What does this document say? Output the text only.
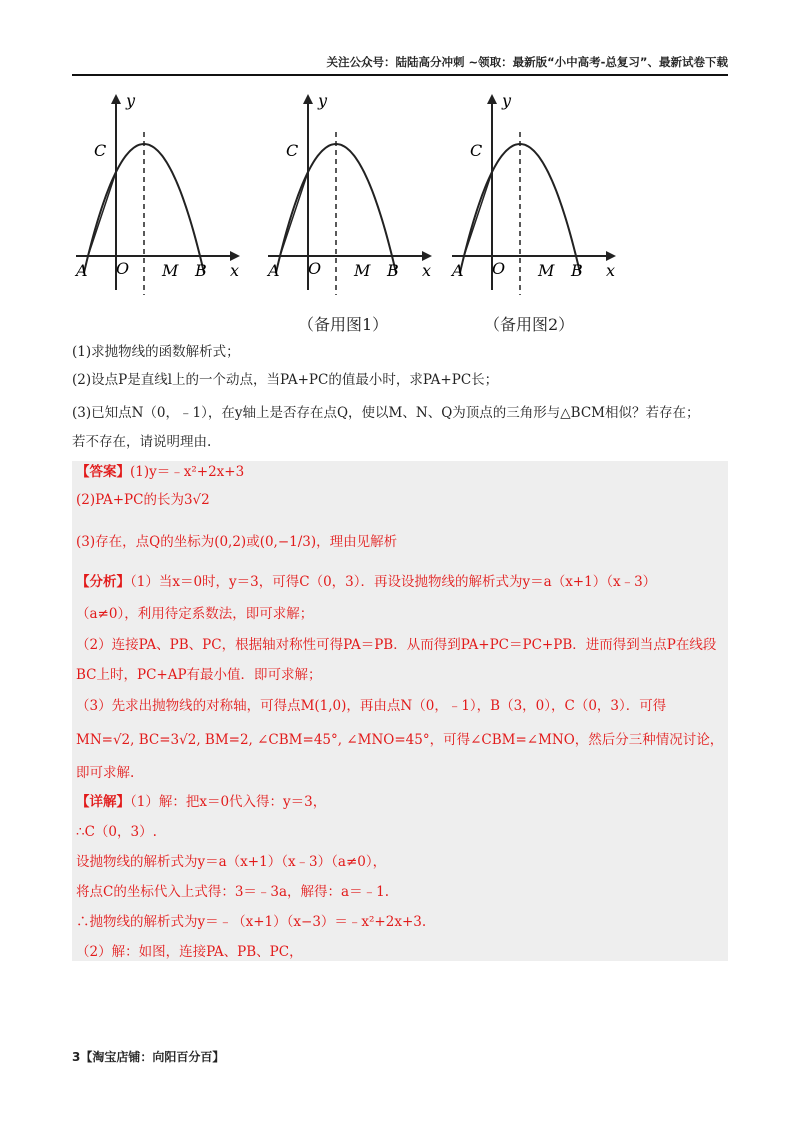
关注公众号：陆陆高分冲刺 ~领取：最新版“小中高考-总复习”、最新试卷下载
y
x
A O M B
C
y
x
A O M B
C
y
x
A O M B
C
（备用图1）	（备用图2）
(1)求抛物线的函数解析式；
(2)设点P是直线l上的一个动点，当PA+PC的值最小时，求PA+PC长；
(3)已知点N（0，﹣1），在y轴上是否存在点Q，使以M、N、Q为顶点的三角形与△BCM相似？若存在；
若不存在，请说明理由.
【答案】(1)y＝﹣x²+2x+3
(2)PA+PC的长为3√2
(3)存在，点Q的坐标为(0,2)或(0,−1/3)，理由见解析
【分析】（1）当x＝0时，y＝3，可得C（0，3）．再设设抛物线的解析式为y＝a（x+1）（x﹣3）
（a≠0），利用待定系数法，即可求解；
（2）连接PA、PB、PC，根据轴对称性可得PA＝PB．从而得到PA+PC＝PC+PB．进而得到当点P在线段
BC上时，PC+AP有最小值．即可求解；
（3）先求出抛物线的对称轴，可得点M(1,0)，再由点N（0，﹣1），B（3，0），C（0，3）．可得
MN=√2, BC=3√2, BM=2, ∠CBM=45°, ∠MNO=45°，可得∠CBM=∠MNO，然后分三种情况讨论，
即可求解.
【详解】（1）解：把x＝0代入得：y＝3，
∴C（0，3）.
设抛物线的解析式为y＝a（x+1）（x﹣3）（a≠0），
将点C的坐标代入上式得：3＝﹣3a，解得：a＝﹣1.
∴抛物线的解析式为y＝﹣（x+1）（x−3）＝﹣x²+2x+3.
（2）解：如图，连接PA、PB、PC，
3【淘宝店铺：向阳百分百】
